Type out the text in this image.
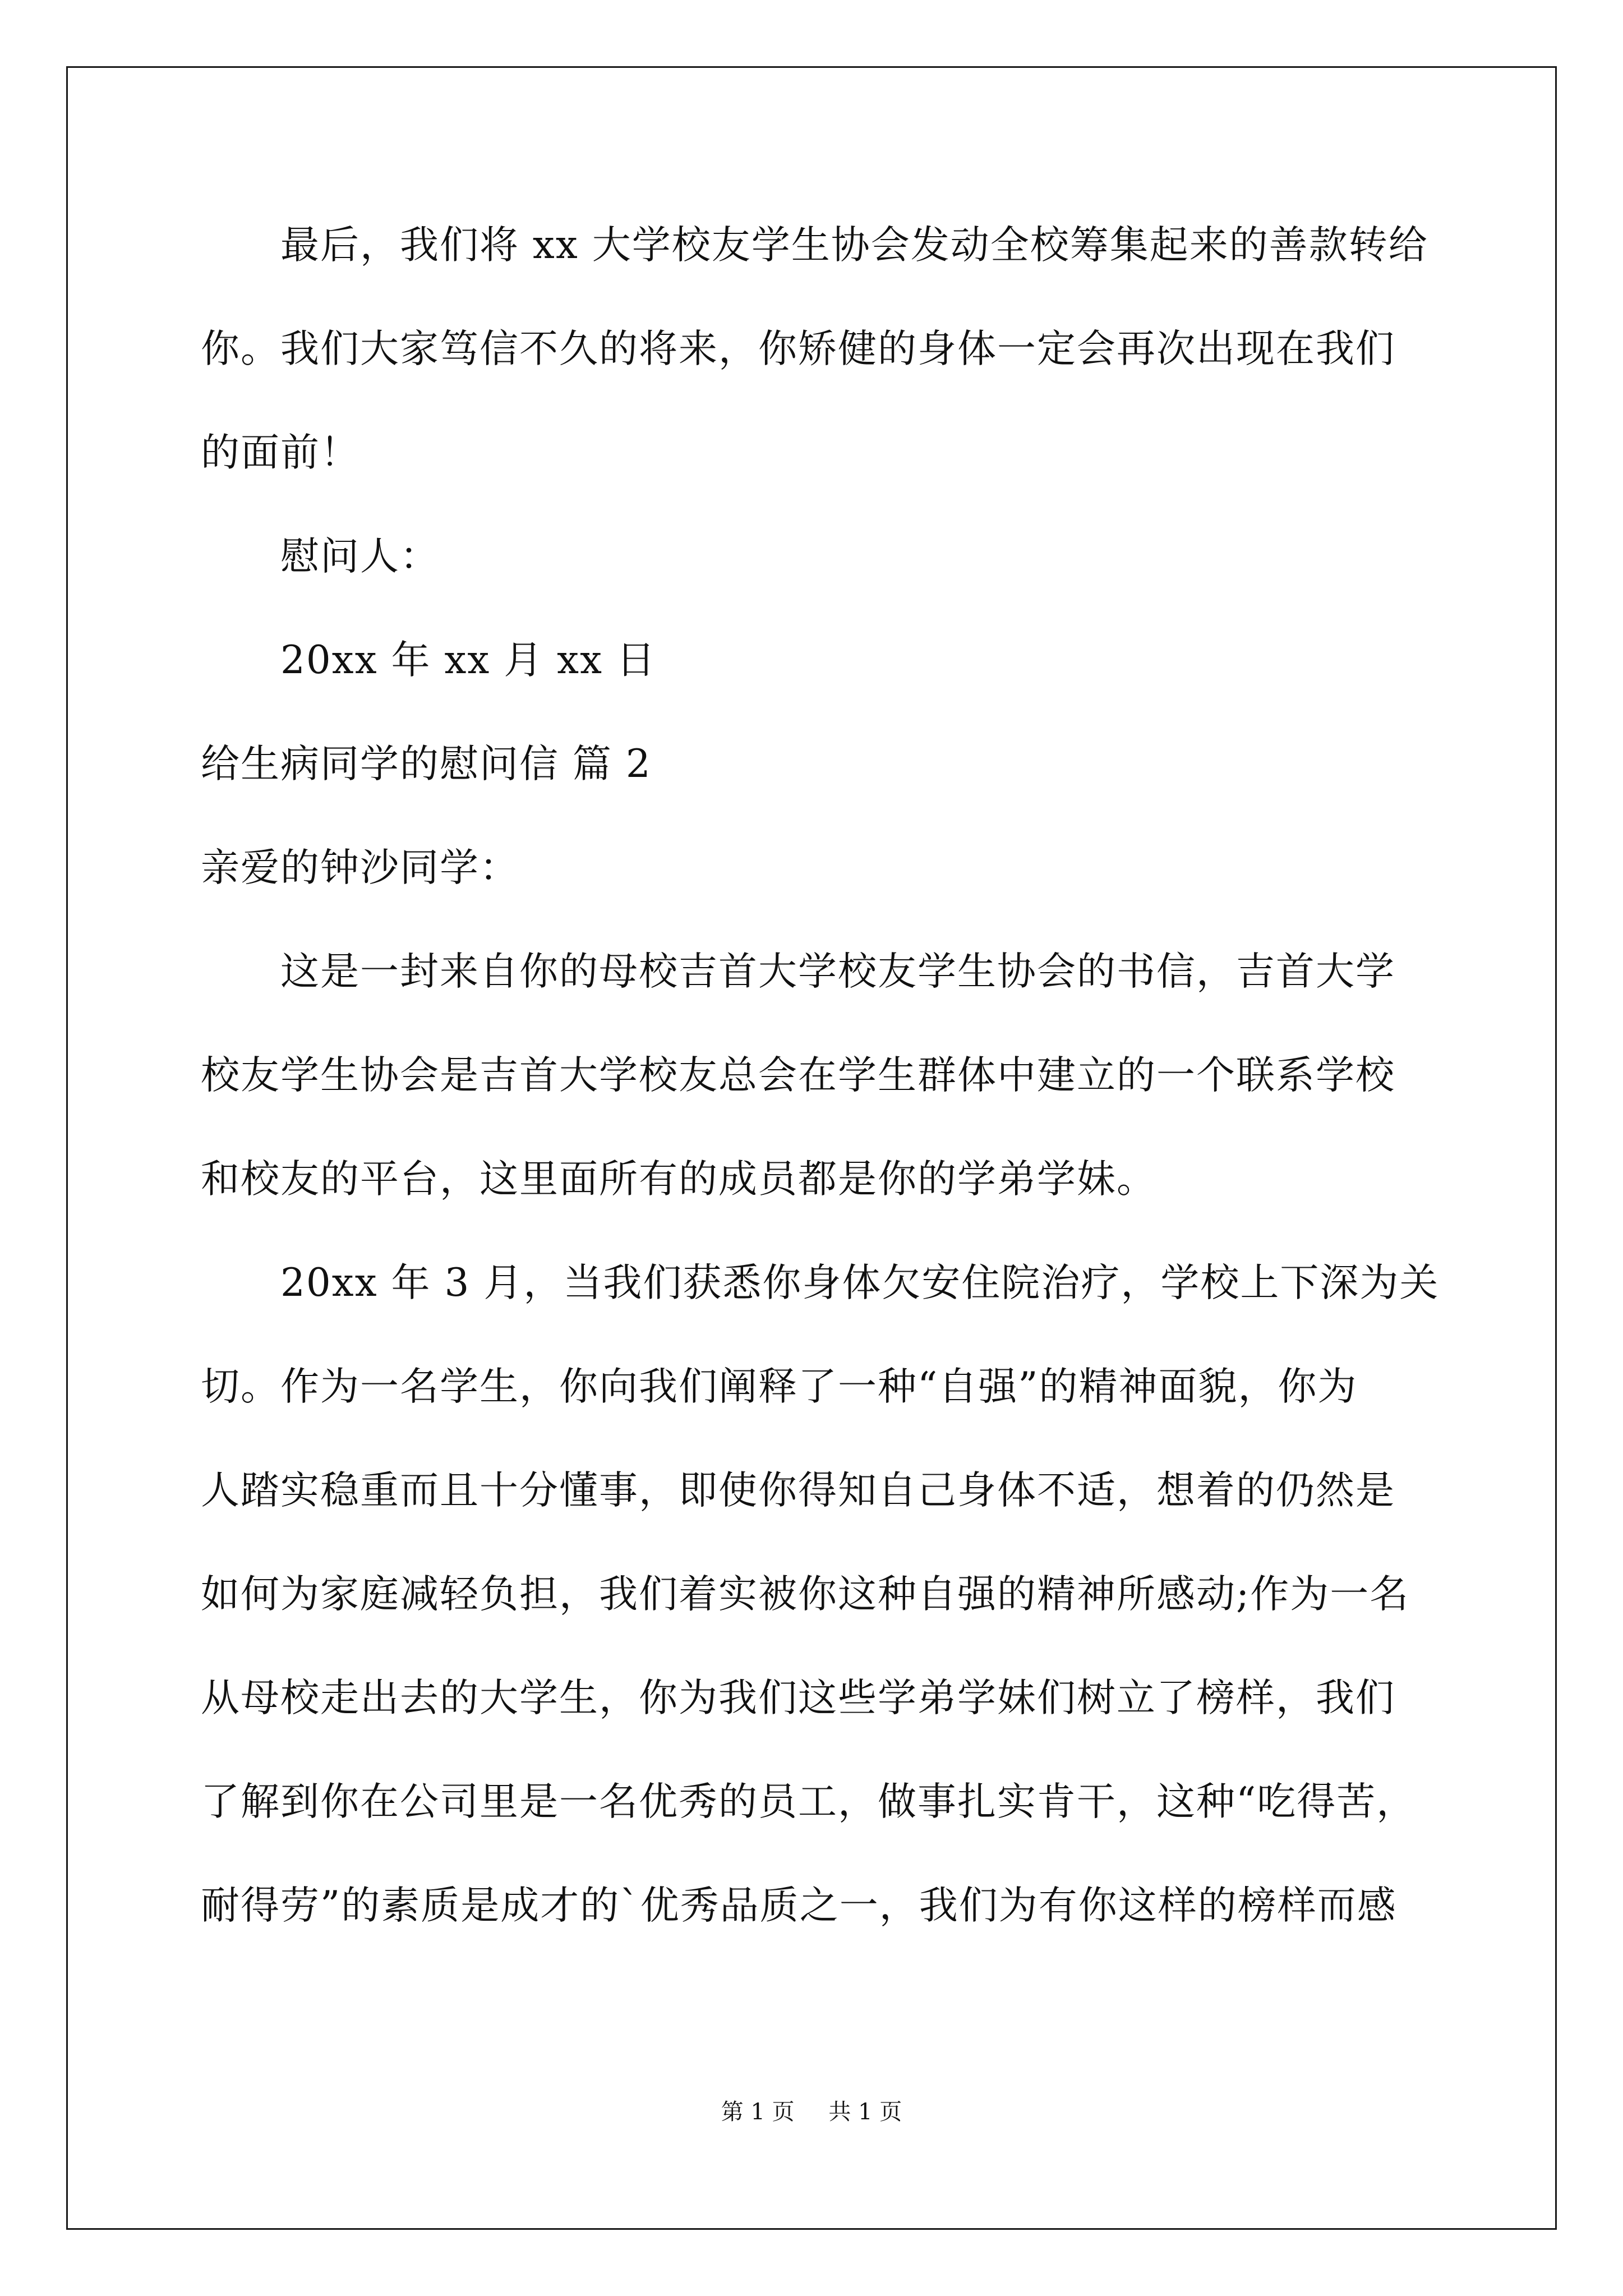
最后，我们将 xx 大学校友学生协会发动全校筹集起来的善款转给
你。我们大家笃信不久的将来，你矫健的身体一定会再次出现在我们
的面前！
慰问人：
20xx 年 xx 月 xx 日
给生病同学的慰问信 篇 2
亲爱的钟沙同学：
这是一封来自你的母校吉首大学校友学生协会的书信，吉首大学
校友学生协会是吉首大学校友总会在学生群体中建立的一个联系学校
和校友的平台，这里面所有的成员都是你的学弟学妹。
20xx 年 3 月，当我们获悉你身体欠安住院治疗，学校上下深为关
切。作为一名学生，你向我们阐释了一种“自强”的精神面貌，你为
人踏实稳重而且十分懂事，即使你得知自己身体不适，想着的仍然是
如何为家庭减轻负担，我们着实被你这种自强的精神所感动;作为一名
从母校走出去的大学生，你为我们这些学弟学妹们树立了榜样，我们
了解到你在公司里是一名优秀的员工，做事扎实肯干，这种“吃得苦，
耐得劳”的素质是成才的`优秀品质之一，我们为有你这样的榜样而感
第 1 页 共 1 页
